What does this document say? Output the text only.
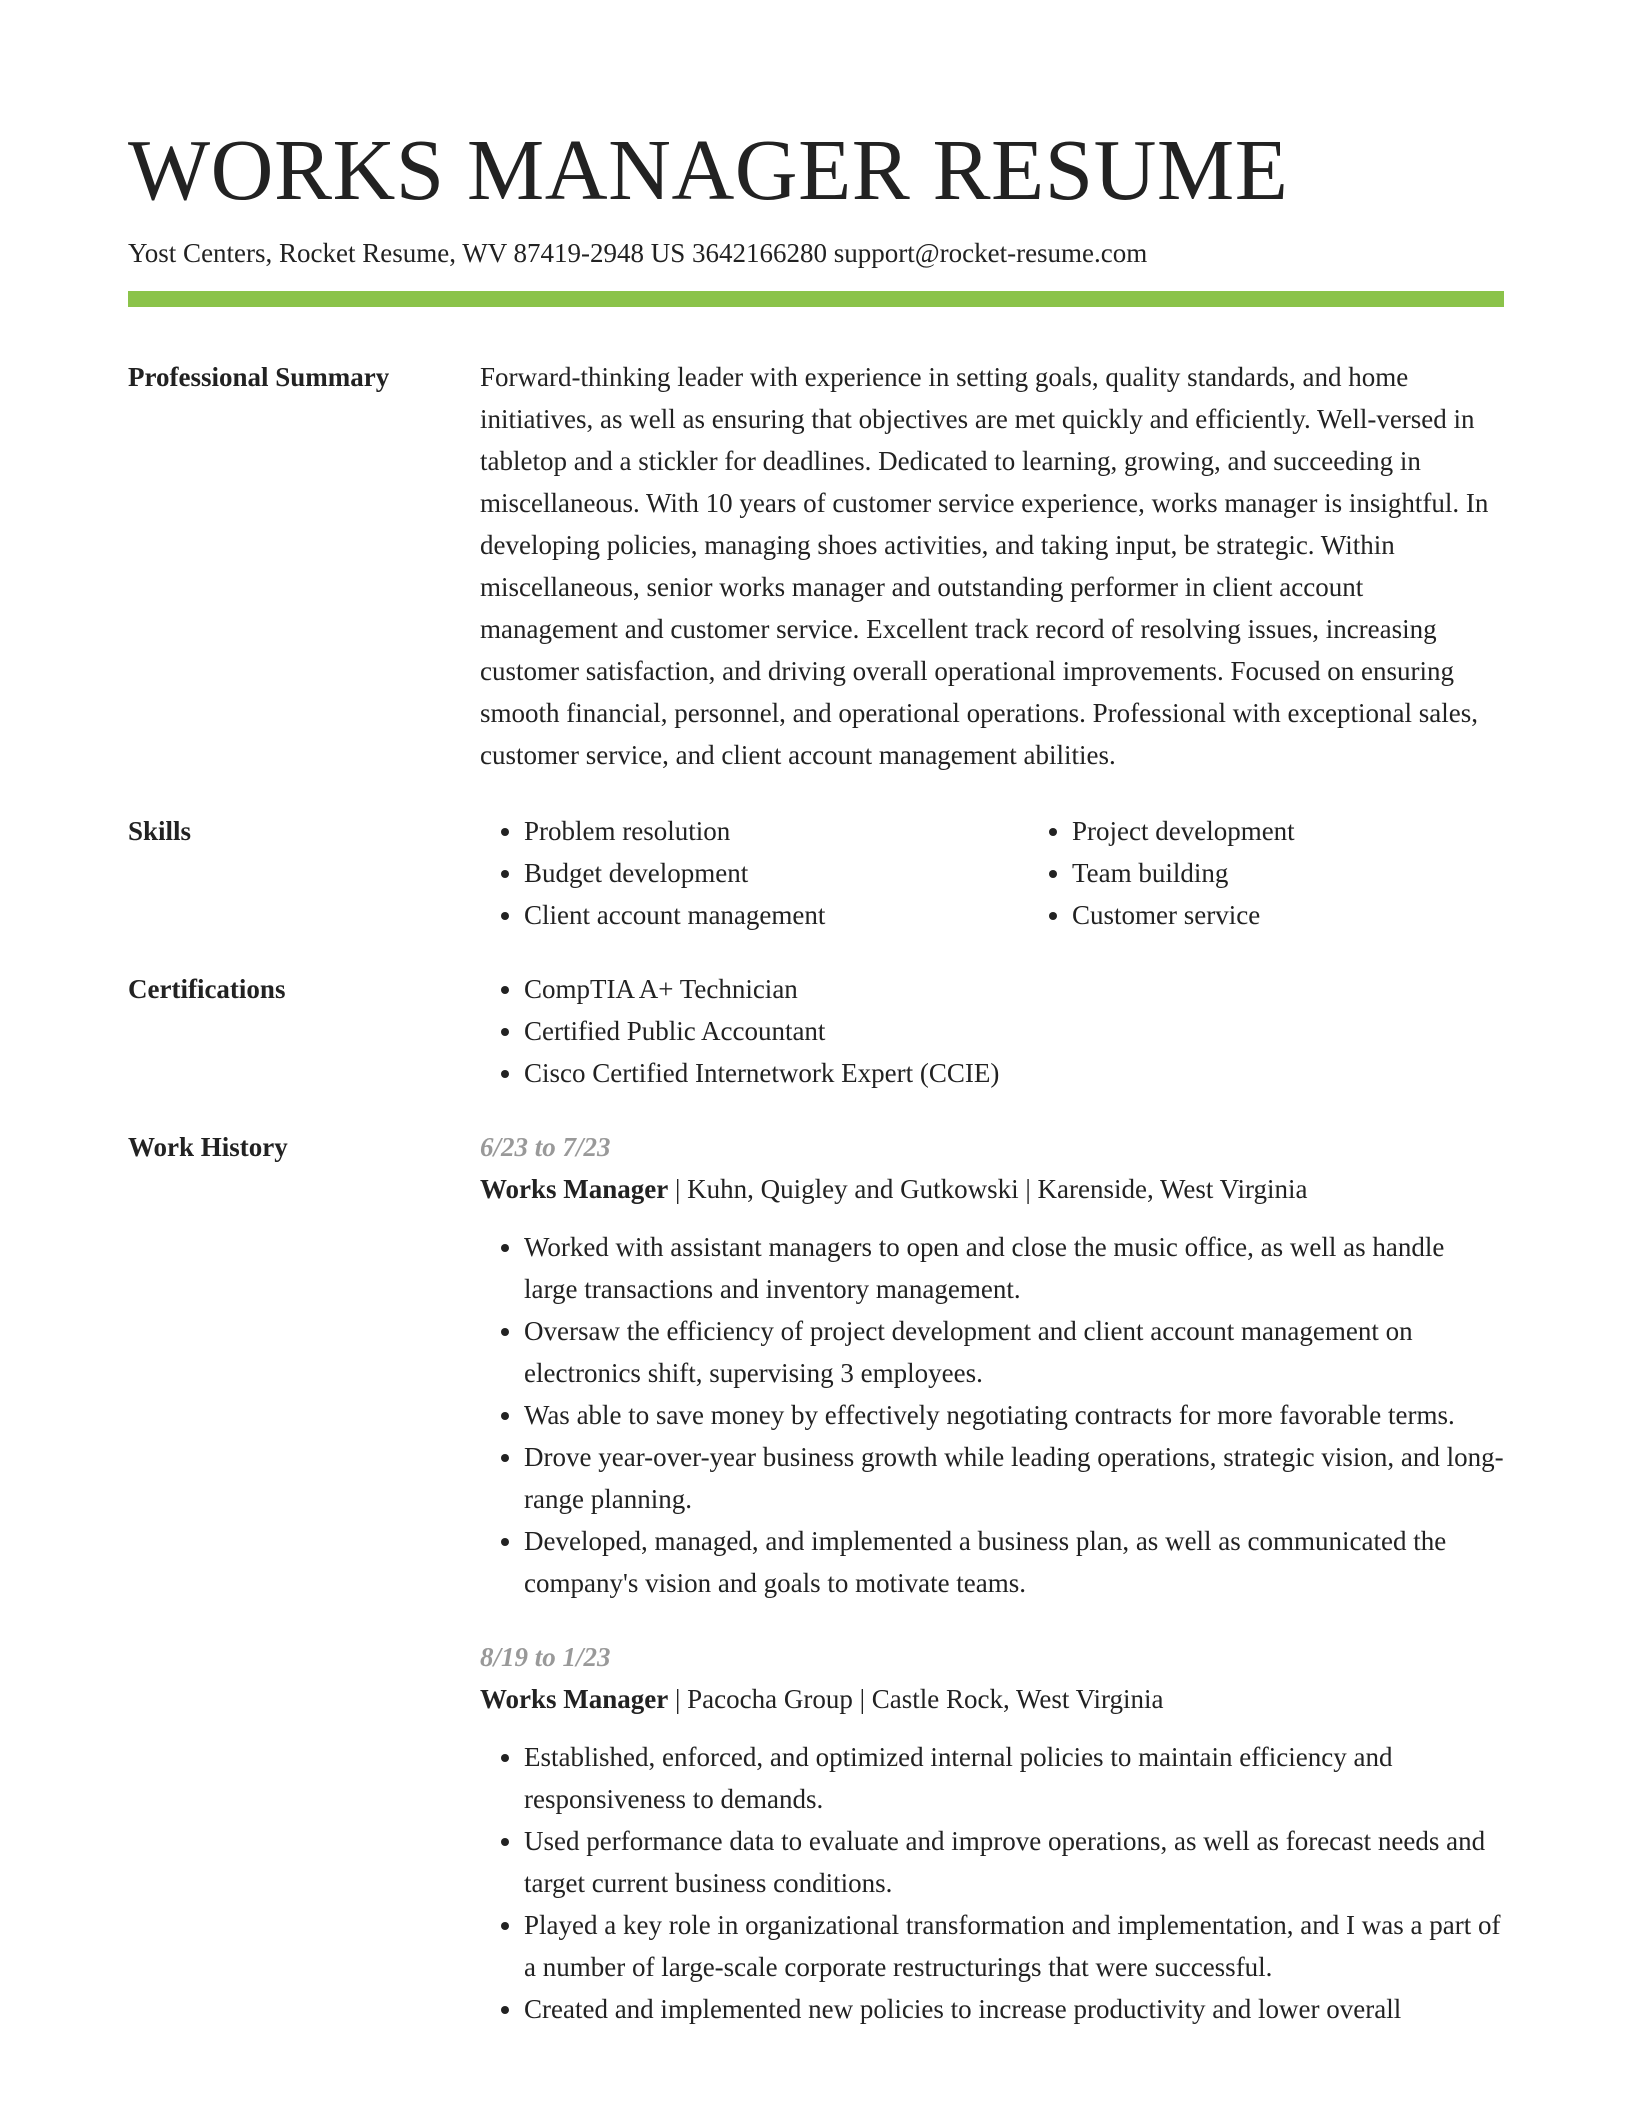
WORKS MANAGER RESUME
Yost Centers, Rocket Resume, WV 87419-2948 US 3642166280 support@rocket-resume.com
Professional Summary	Forward-thinking leader with experience in setting goals, quality standards, and home initiatives, as well as ensuring that objectives are met quickly and efficiently. Well-versed in tabletop and a stickler for deadlines. Dedicated to learning, growing, and succeeding in miscellaneous. With 10 years of customer service experience, works manager is insightful. In developing policies, managing shoes activities, and taking input, be strategic. Within miscellaneous, senior works manager and outstanding performer in client account management and customer service. Excellent track record of resolving issues, increasing customer satisfaction, and driving overall operational improvements. Focused on ensuring smooth financial, personnel, and operational operations. Professional with exceptional sales, customer service, and client account management abilities.

Skills	• Problem resolution
• Budget development
• Client account management
• Project development
• Team building
• Customer service
Certifications	• CompTIA A+ Technician
• Certified Public Accountant
• Cisco Certified Internetwork Expert (CCIE)
Work History	6/23 to 7/23
Works Manager | Kuhn, Quigley and Gutkowski | Karenside, West Virginia
• Worked with assistant managers to open and close the music office, as well as handle large transactions and inventory management.
• Oversaw the efficiency of project development and client account management on electronics shift, supervising 3 employees.
• Was able to save money by effectively negotiating contracts for more favorable terms.
• Drove year-over-year business growth while leading operations, strategic vision, and long-range planning.
• Developed, managed, and implemented a business plan, as well as communicated the company's vision and goals to motivate teams.
8/19 to 1/23
Works Manager | Pacocha Group | Castle Rock, West Virginia
• Established, enforced, and optimized internal policies to maintain efficiency and responsiveness to demands.
• Used performance data to evaluate and improve operations, as well as forecast needs and target current business conditions.
• Played a key role in organizational transformation and implementation, and I was a part of a number of large-scale corporate restructurings that were successful.
• Created and implemented new policies to increase productivity and lower overall
